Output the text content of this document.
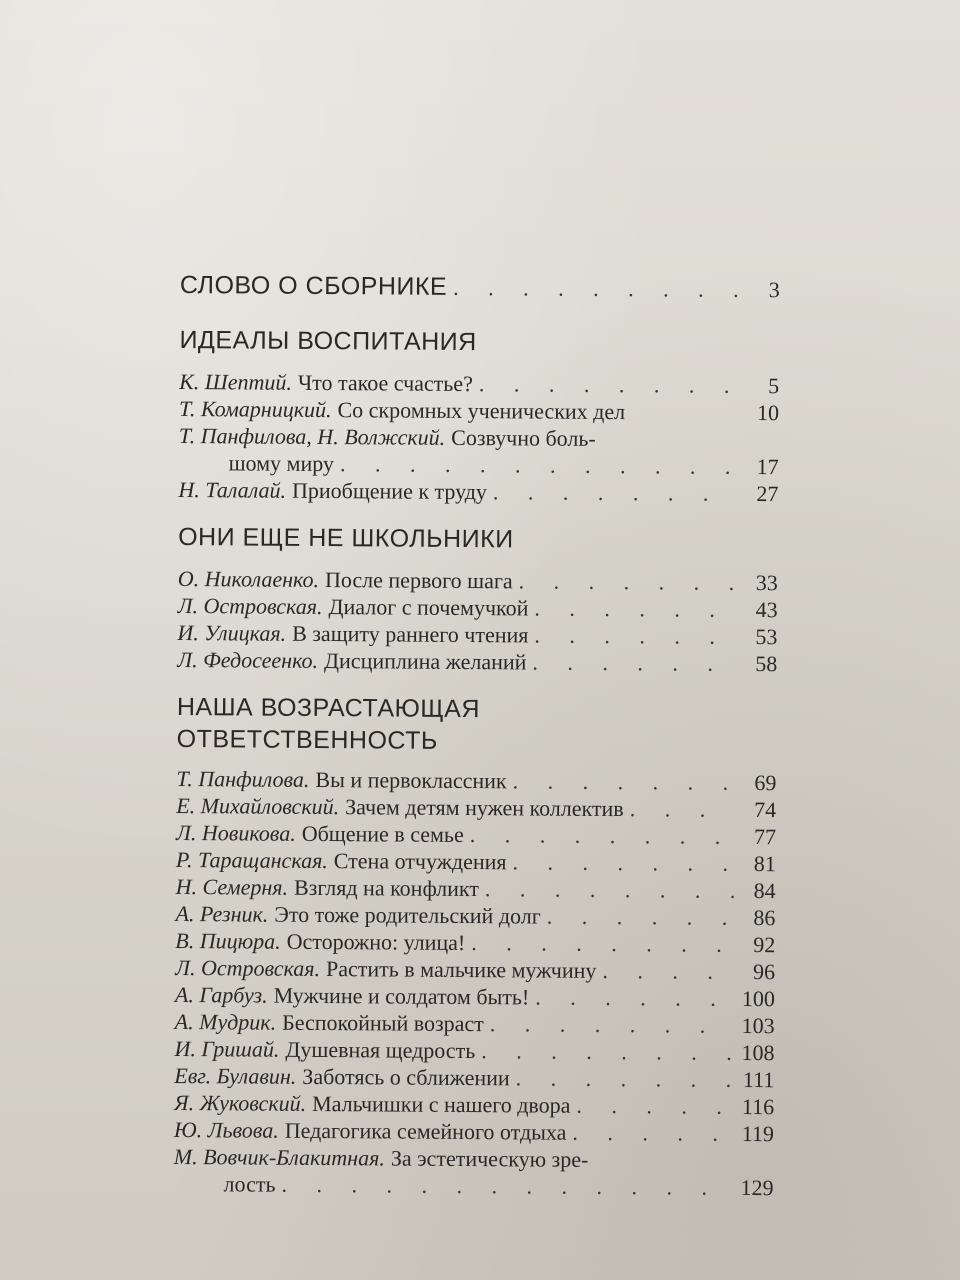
СЛОВО О СБОРНИКЕ . . .	3
ИДЕАЛЫ ВОСПИТАНИЯ
К. Шептий. Что такое счастье? . . .	5
Т. Комарницкий. Со скромных ученических дел	10
Т. Панфилова, Н. Волжский. Созвучно боль-
шому миру . . .	17
Н. Талалай. Приобщение к труду . . .	27
ОНИ ЕЩЕ НЕ ШКОЛЬНИКИ
О. Николаенко. После первого шага . . .	33
Л. Островская. Диалог с почемучкой . . .	43
И. Улицкая. В защиту раннего чтения . . .	53
Л. Федосеенко. Дисциплина желаний . . .	58
НАША ВОЗРАСТАЮЩАЯ
ОТВЕТСТВЕННОСТЬ
Т. Панфилова. Вы и первоклассник . . .	69
Е. Михайловский. Зачем детям нужен коллектив . . .	74
Л. Новикова. Общение в семье . . .	77
Р. Таращанская. Стена отчуждения . . .	81
Н. Семерня. Взгляд на конфликт . . .	84
А. Резник. Это тоже родительский долг . . .	86
В. Пицюра. Осторожно: улица! . . .	92
Л. Островская. Растить в мальчике мужчину . . .	96
А. Гарбуз. Мужчине и солдатом быть! . . .	100
А. Мудрик. Беспокойный возраст . . .	103
И. Гришай. Душевная щедрость . . .	108
Евг. Булавин. Заботясь о сближении . . .	111
Я. Жуковский. Мальчишки с нашего двора . . .	116
Ю. Львова. Педагогика семейного отдыха . . .	119
М. Вовчик-Блакитная. За эстетическую зре-
лость . . .	129
